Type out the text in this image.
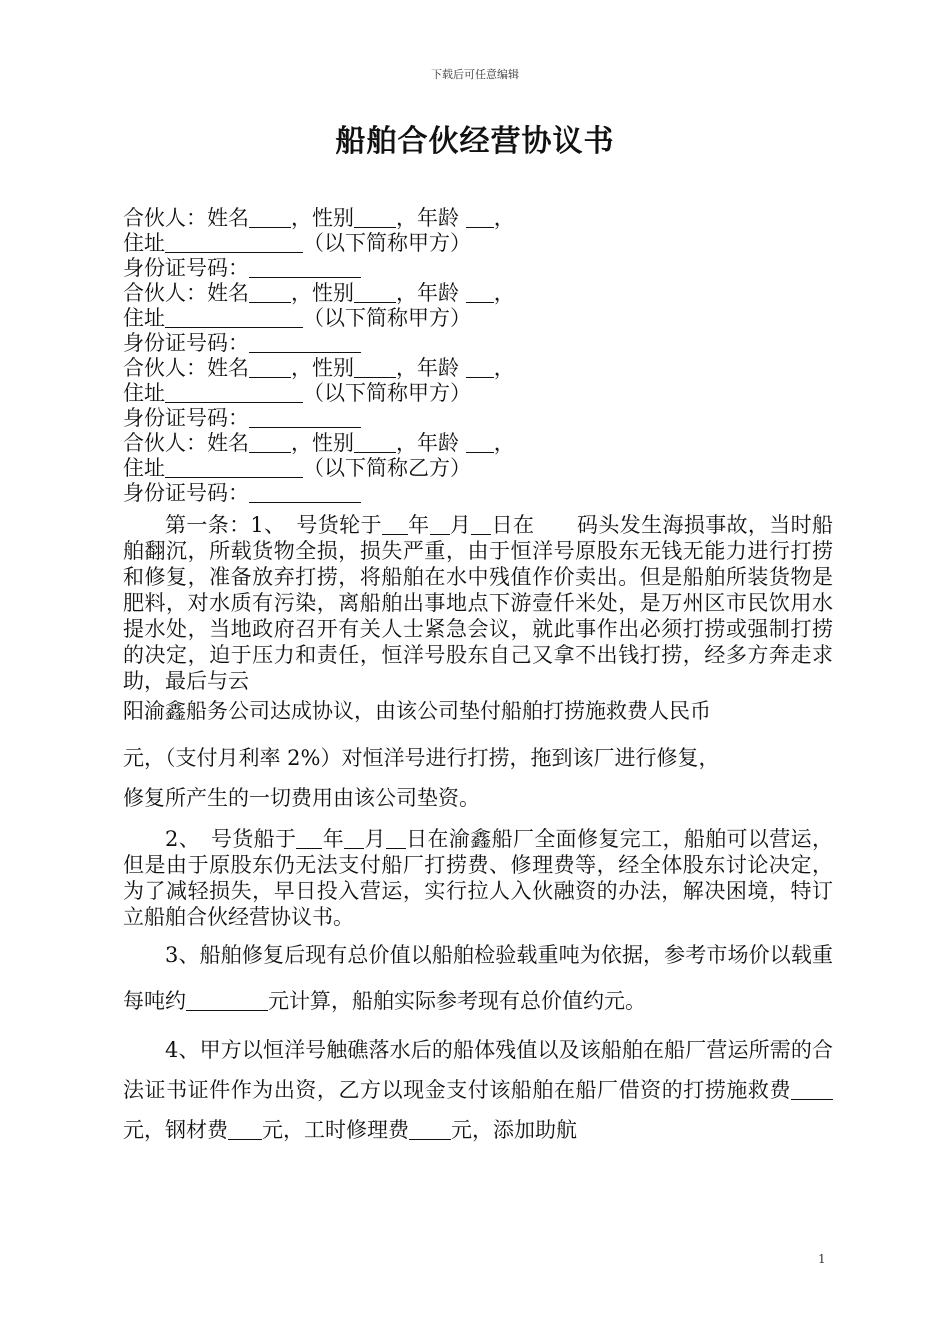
下载后可任意编辑
船舶合伙经营协议书
合伙人：姓名 ，性别 ，年龄 ，
住址	（以下简称甲方）
身份证号码：
合伙人：姓名 ，性别 ，年龄 ，
住址	（以下简称甲方）
身份证号码：
合伙人：姓名 ，性别 ，年龄 ，
住址	（以下简称甲方）
身份证号码：
合伙人：姓名 ，性别 ，年龄 ，
住址	（以下简称乙方）
身份证号码：
第一条：1、　号货轮于 年 月 日在　　码头发生海损事故，当时船舶翻沉，所载货物全损，损失严重，由于恒洋号原股东无钱无能力进行打捞和修复，准备放弃打捞，将船舶在水中残值作价卖出。但是船舶所装货物是肥料，对水质有污染，离船舶出事地点下游壹仟米处，是万州区市民饮用水提水处，当地政府召开有关人士紧急会议，就此事作出必须打捞或强制打捞的决定，迫于压力和责任，恒洋号股东自己又拿不出钱打捞，经多方奔走求助，最后与云
阳渝鑫船务公司达成协议，由该公司垫付船舶打捞施救费人民币
元，（支付月利率 2%）对恒洋号进行打捞，拖到该厂进行修复，
修复所产生的一切费用由该公司垫资。
2、　号货船于 年 月 日在渝鑫船厂全面修复完工，船舶可以营运，但是由于原股东仍无法支付船厂打捞费、修理费等，经全体股东讨论决定，为了减轻损失，早日投入营运，实行拉人入伙融资的办法，解决困境，特订立船舶合伙经营协议书。
3、船舶修复后现有总价值以船舶检验载重吨为依据，参考市场价以载重每吨约	元计算，船舶实际参考现有总价值约元。
4、甲方以恒洋号触礁落水后的船体残值以及该船舶在船厂营运所需的合法证书证件作为出资，乙方以现金支付该船舶在船厂借资的打捞施救费元，钢材费 元，工时修理费 元，添加助航
1
